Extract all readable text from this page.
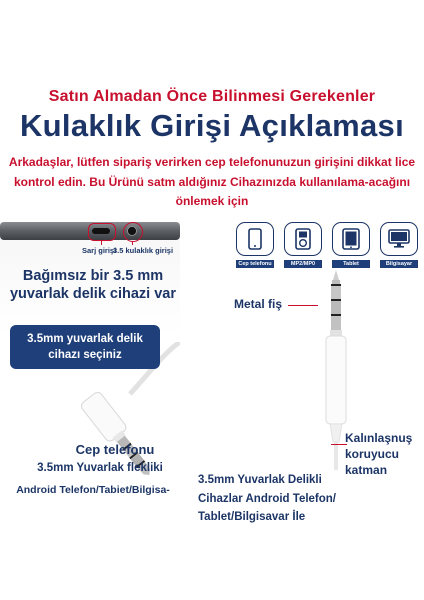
Satın Almadan Önce Bilinmesi Gerekenler
Kulaklık Girişi Açıklaması
Arkadaşlar, lütfen sipariş verirken cep telefonunuzun girişini dikkat lice kontrol edin. Bu Ürünü satm aldığınız Cihazınızda kullanılama-acağını önlemek için
Sarj girişi
3.5 kulaklık girişi
Bağımsız bir 3.5 mm yuvarlak delik cihazi var
3.5mm yuvarlak delik cihazı seçiniz
Cep telefonu
3.5mm Yuvarlak flekliki
Android Telefon/Tabiet/Bilgisa-
Cep telefonu	MP2/MP0	Tablet	Bilgisayar
Metal fiş
Kalınlaşnuş koruyucu katman
3.5mm Yuvarlak Delikli Cihazlar Android Telefon/ Tablet/Bilgisavar İle
